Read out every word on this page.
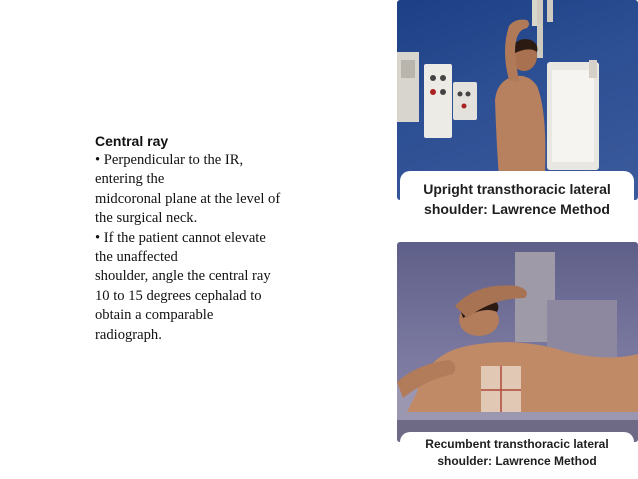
Central ray

• Perpendicular to the IR,
entering the
midcoronal plane at the level of
the surgical neck.
• If the patient cannot elevate
the unaffected
shoulder, angle the central ray
10 to 15 degrees cephalad to
obtain a comparable
radiograph.
Upright transthoracic lateral
shoulder: Lawrence Method
Recumbent transthoracic lateral
shoulder: Lawrence Method
